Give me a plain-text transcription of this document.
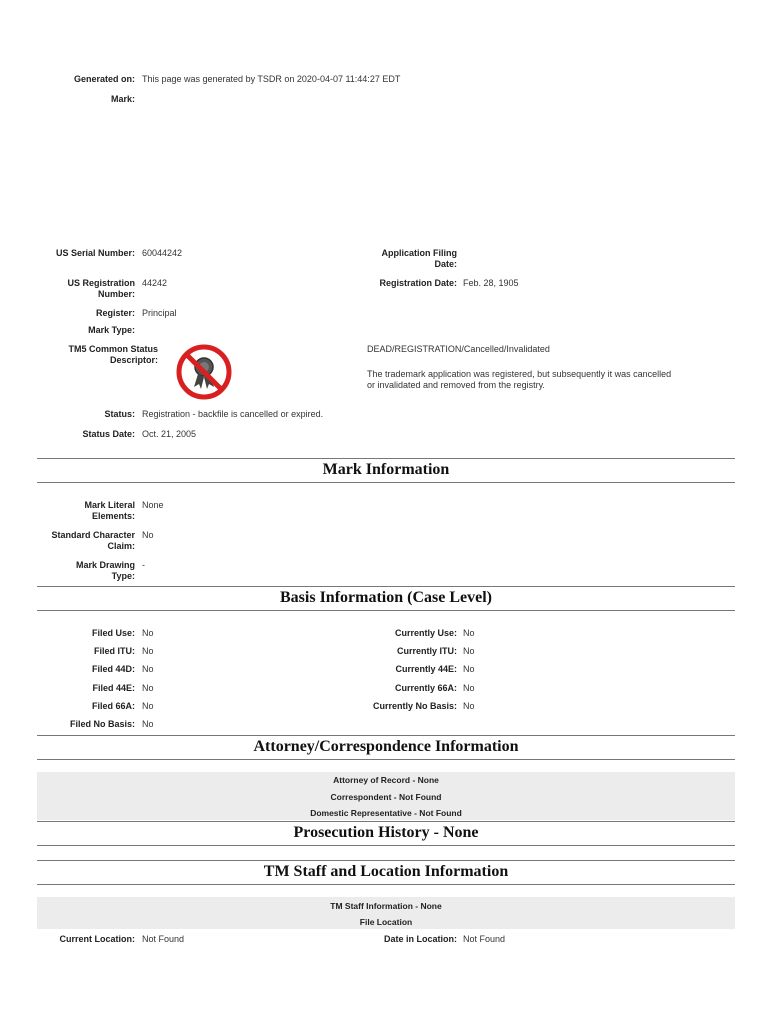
Generated on: This page was generated by TSDR on 2020-04-07 11:44:27 EDT
Mark:
US Serial Number: 60044242
US Registration
Number:
44242
Register: Principal
Mark Type:
TM5 Common Status
Descriptor:
Status: Registration - backfile is cancelled or expired.
Status Date: Oct. 21, 2005
Application Filing
Date:
Registration Date: Feb. 28, 1905
DEAD/REGISTRATION/Cancelled/Invalidated
The trademark application was registered, but subsequently it was cancelled
or invalidated and removed from the registry.
Mark Information
Mark Literal
Elements:
None
Standard Character
Claim:
No
Mark Drawing
Type:
-
Basis Information (Case Level)
Filed Use: No
Filed ITU: No
Filed 44D: No
Filed 44E: No
Filed 66A: No
Filed No Basis: No
Currently Use: No
Currently ITU: No
Currently 44E: No
Currently 66A: No
Currently No Basis: No
Attorney/Correspondence Information
Attorney of Record - None
Correspondent - Not Found
Domestic Representative - Not Found
Prosecution History - None
TM Staff and Location Information
TM Staff Information - None
File Location
Current Location: Not Found	Date in Location: Not Found
